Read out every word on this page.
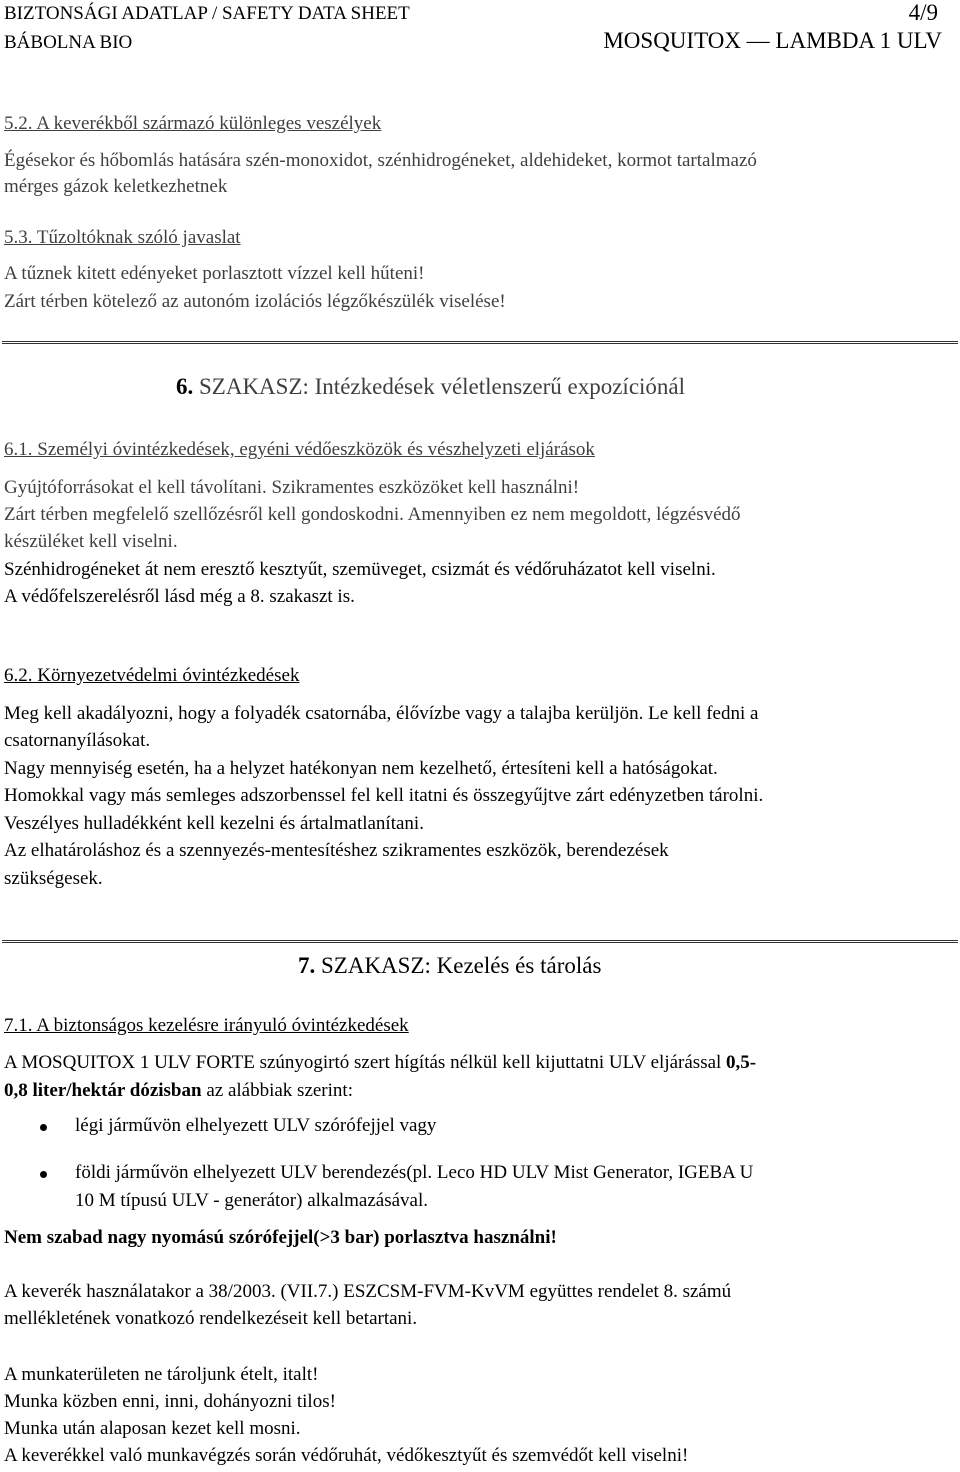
BIZTONSÁGI ADATLAP / SAFETY DATA SHEET	4/9
BÁBOLNA BIO	MOSQUITOX — LAMBDA 1 ULV
5.2. A keverékből származó különleges veszélyek
Égésekor és hőbomlás hatására szén-monoxidot, szénhidrogéneket, aldehideket, kormot tartalmazó
mérges gázok keletkezhetnek
5.3. Tűzoltóknak szóló javaslat
A tűznek kitett edényeket porlasztott vízzel kell hűteni!
Zárt térben kötelező az autonóm izolációs légzőkészülék viselése!
6. SZAKASZ: Intézkedések véletlenszerű expozíciónál
6.1. Személyi óvintézkedések, egyéni védőeszközök és vészhelyzeti eljárások
Gyújtóforrásokat el kell távolítani. Szikramentes eszközöket kell használni!
Zárt térben megfelelő szellőzésről kell gondoskodni. Amennyiben ez nem megoldott, légzésvédő
készüléket kell viselni.
Szénhidrogéneket át nem eresztő kesztyűt, szemüveget, csizmát és védőruházatot kell viselni.
A védőfelszerelésről lásd még a 8. szakaszt is.
6.2. Környezetvédelmi óvintézkedések
Meg kell akadályozni, hogy a folyadék csatornába, élővízbe vagy a talajba kerüljön. Le kell fedni a
csatornanyílásokat.
Nagy mennyiség esetén, ha a helyzet hatékonyan nem kezelhető, értesíteni kell a hatóságokat.
Homokkal vagy más semleges adszorbenssel fel kell itatni és összegyűjtve zárt edényzetben tárolni.
Veszélyes hulladékként kell kezelni és ártalmatlanítani.
Az elhatároláshoz és a szennyezés-mentesítéshez szikramentes eszközök, berendezések
szükségesek.
7. SZAKASZ: Kezelés és tárolás
7.1. A biztonságos kezelésre irányuló óvintézkedések
A MOSQUITOX 1 ULV FORTE szúnyogirtó szert hígítás nélkül kell kijuttatni ULV eljárással 0,5-
0,8 liter/hektár dózisban az alábbiak szerint:
légi járművön elhelyezett ULV szórófejjel vagy
földi járművön elhelyezett ULV berendezés(pl. Leco HD ULV Mist Generator, IGEBA U
10 M típusú ULV - generátor) alkalmazásával.
Nem szabad nagy nyomású szórófejjel(>3 bar) porlasztva használni!
A keverék használatakor a 38/2003. (VII.7.) ESZCSM-FVM-KvVM együttes rendelet 8. számú
mellékletének vonatkozó rendelkezéseit kell betartani.
A munkaterületen ne tároljunk ételt, italt!
Munka közben enni, inni, dohányozni tilos!
Munka után alaposan kezet kell mosni.
A keverékkel való munkavégzés során védőruhát, védőkesztyűt és szemvédőt kell viselni!
